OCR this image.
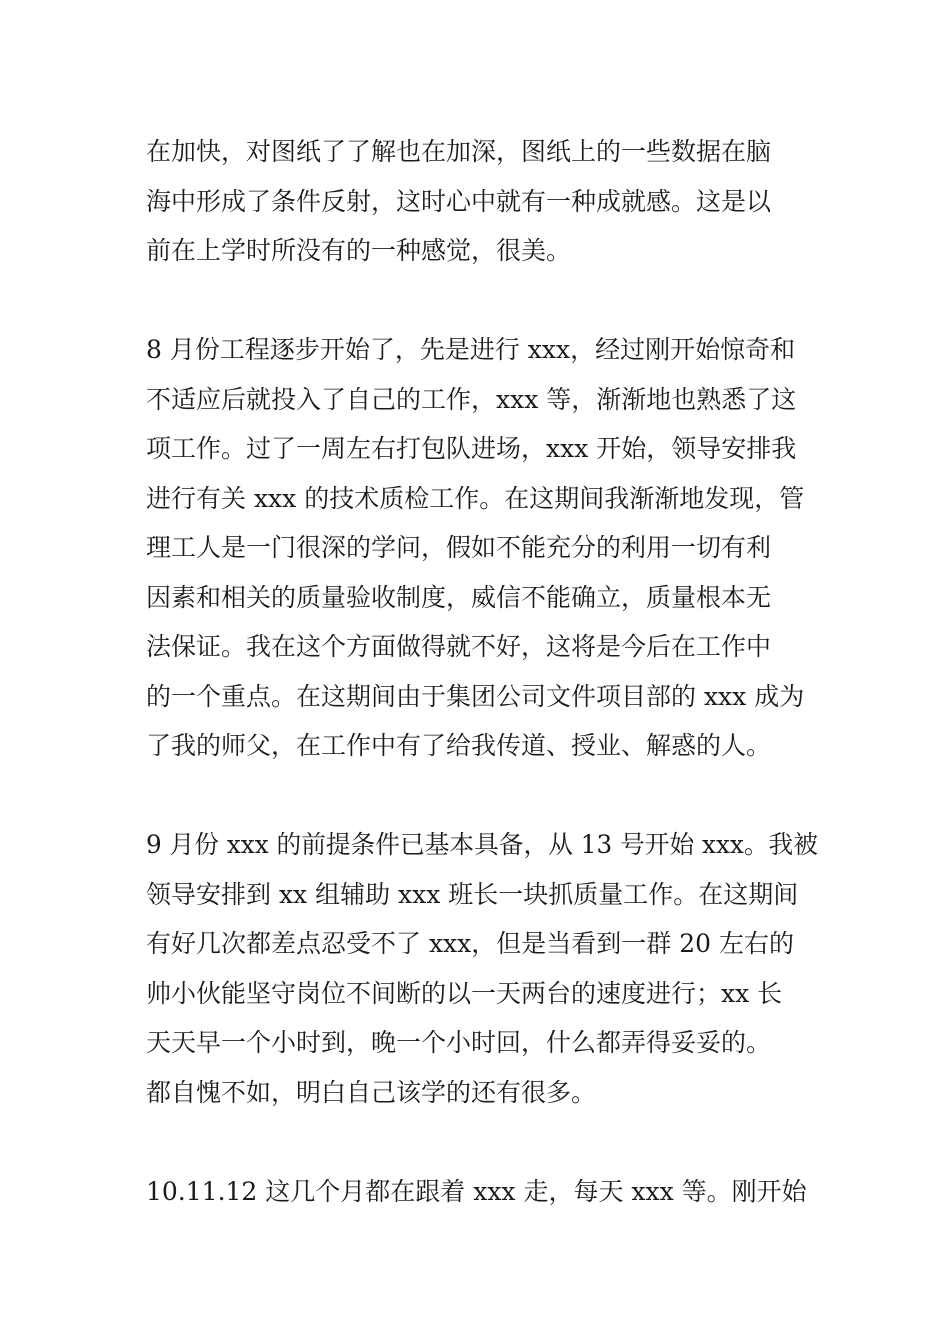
在加快，对图纸了了解也在加深，图纸上的一些数据在脑
海中形成了条件反射，这时心中就有一种成就感。这是以
前在上学时所没有的一种感觉，很美。
8 月份工程逐步开始了，先是进行 xxx，经过刚开始惊奇和
不适应后就投入了自己的工作，xxx 等，渐渐地也熟悉了这
项工作。过了一周左右打包队进场，xxx 开始，领导安排我
进行有关 xxx 的技术质检工作。在这期间我渐渐地发现，管
理工人是一门很深的学问，假如不能充分的利用一切有利
因素和相关的质量验收制度，威信不能确立，质量根本无
法保证。我在这个方面做得就不好，这将是今后在工作中
的一个重点。在这期间由于集团公司文件项目部的 xxx 成为
了我的师父，在工作中有了给我传道、授业、解惑的人。
9 月份 xxx 的前提条件已基本具备，从 13 号开始 xxx。我被
领导安排到 xx 组辅助 xxx 班长一块抓质量工作。在这期间
有好几次都差点忍受不了 xxx，但是当看到一群 20 左右的
帅小伙能坚守岗位不间断的以一天两台的速度进行；xx 长
天天早一个小时到，晚一个小时回，什么都弄得妥妥的。
都自愧不如，明白自己该学的还有很多。
10.11.12 这几个月都在跟着 xxx 走，每天 xxx 等。刚开始
